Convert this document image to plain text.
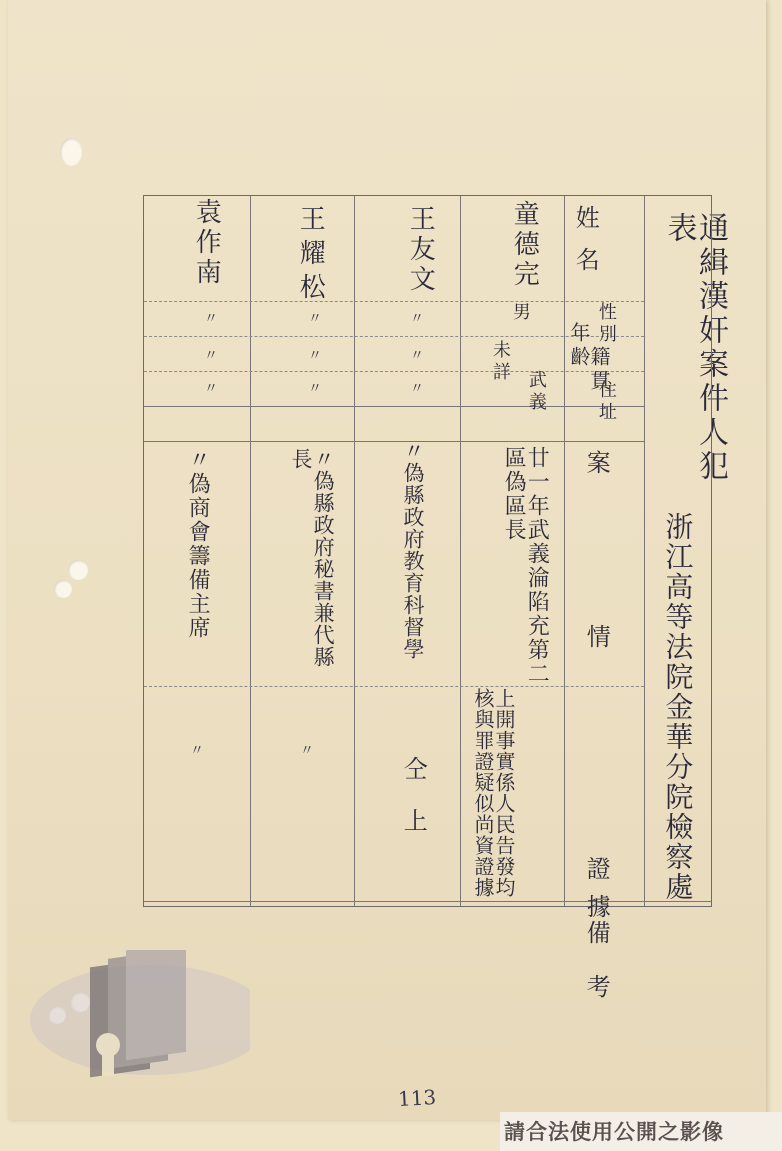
通緝漢奸案件人犯表
浙江高等法院金華分院檢察處
姓名
性別
年齡
籍貫
住址
案情
證據
備考
童德完
男
未詳
武義
廿一年武義淪陷充第二區偽區長
上開事實係人民告發均核與罪證疑似尚資證據
王友文
〃
〃
〃
〃偽縣政府教育科督學
仝上
王耀松
〃
〃
〃
〃偽縣政府秘書兼代縣長
〃
袁作南
〃
〃
〃
〃偽商會籌備主席
〃
113
請合法使用公開之影像
